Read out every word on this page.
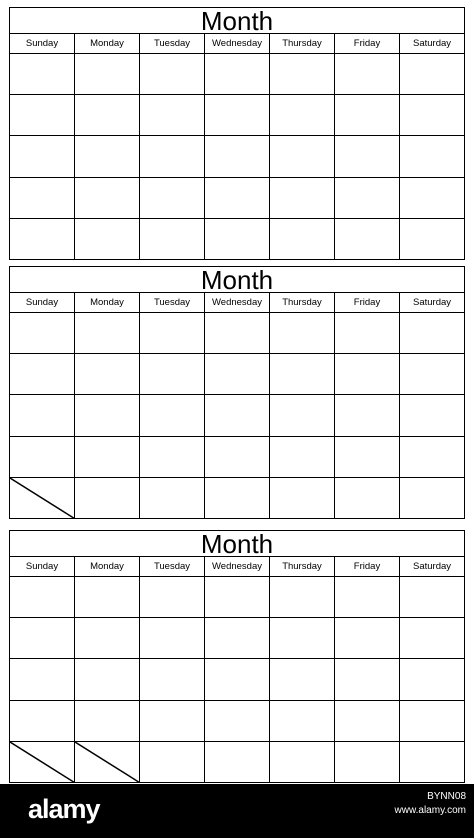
Month
Sunday	Monday	Tuesday	Wednesday	Thursday	Friday	Saturday
Month
Sunday	Monday	Tuesday	Wednesday	Thursday	Friday	Saturday
Month
Sunday	Monday	Tuesday	Wednesday	Thursday	Friday	Saturday
alamy	BYNN08
www.alamy.com
